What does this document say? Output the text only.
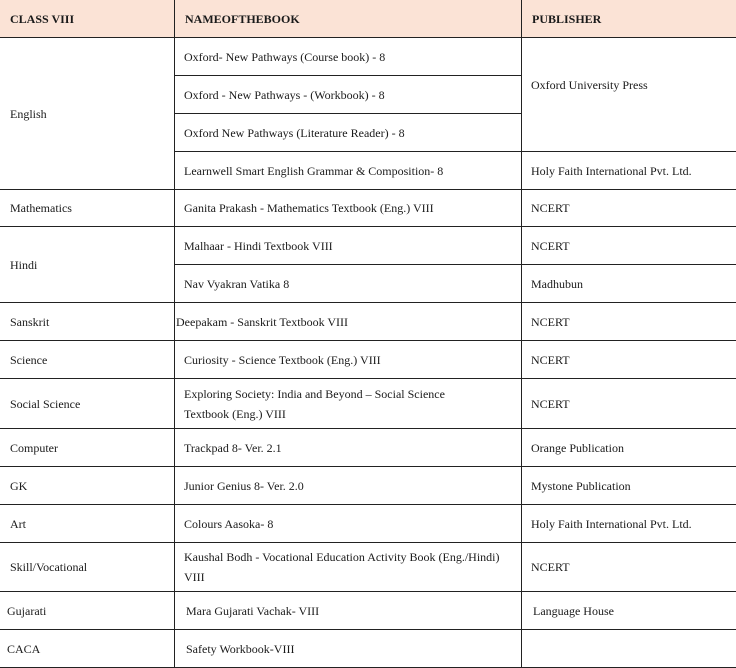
CLASS VIII	NAMEOFTHEBOOK	PUBLISHER
English	Oxford- New Pathways (Course book) - 8	Oxford University Press
	Oxford - New Pathways - (Workbook) - 8	
	Oxford New Pathways (Literature Reader) - 8	
	Learnwell Smart English Grammar & Composition- 8	Holy Faith International Pvt. Ltd.
Mathematics	Ganita Prakash - Mathematics Textbook (Eng.) VIII	NCERT
Hindi	Malhaar - Hindi Textbook VIII	NCERT
	Nav Vyakran Vatika 8	Madhubun
Sanskrit	Deepakam - Sanskrit Textbook VIII	NCERT
Science	Curiosity - Science Textbook (Eng.) VIII	NCERT
Social Science	Exploring Society: India and Beyond – Social Science Textbook (Eng.) VIII	NCERT
Computer	Trackpad 8- Ver. 2.1	Orange Publication
GK	Junior Genius 8- Ver. 2.0	Mystone Publication
Art	Colours Aasoka- 8	Holy Faith International Pvt. Ltd.
Skill/Vocational	Kaushal Bodh - Vocational Education Activity Book (Eng./Hindi) VIII	NCERT
Gujarati	Mara Gujarati Vachak- VIII	Language House
CACA	Safety Workbook-VIII	
